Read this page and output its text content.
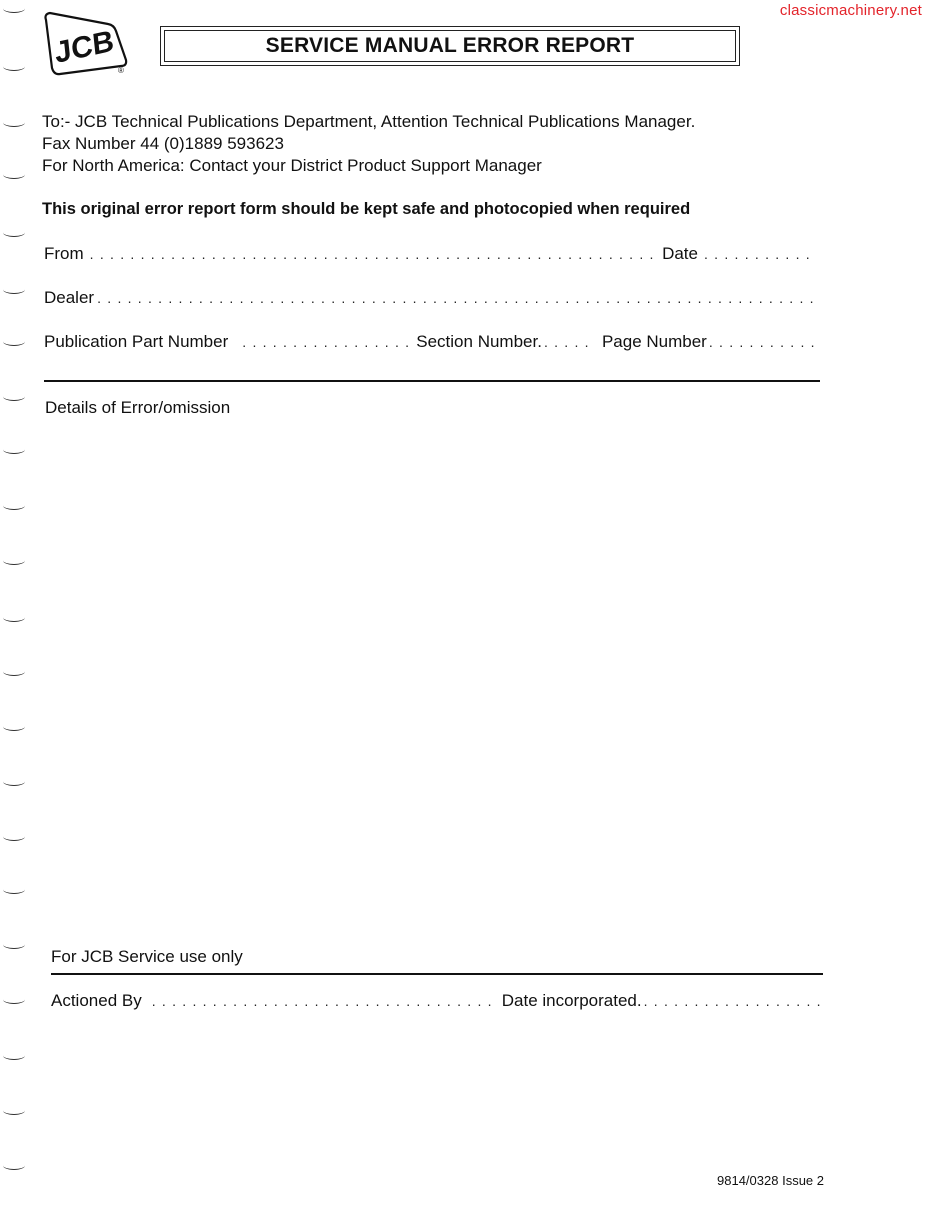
classicmachinery.net
JCB
®
SERVICE MANUAL ERROR REPORT
To:- JCB Technical Publications Department, Attention Technical Publications Manager.
Fax Number 44 (0)1889 593623
For North America: Contact your District Product Support Manager
This original error report form should be kept safe and photocopied when required
From . . .	Date
. . .
Dealer
. . .
Publication Part Number . . .	Section Number. . . .	Page Number
. . .
Details of Error/omission
For JCB Service use only
Actioned By . . .	Date incorporated.
. . .
9814/0328 Issue 2
